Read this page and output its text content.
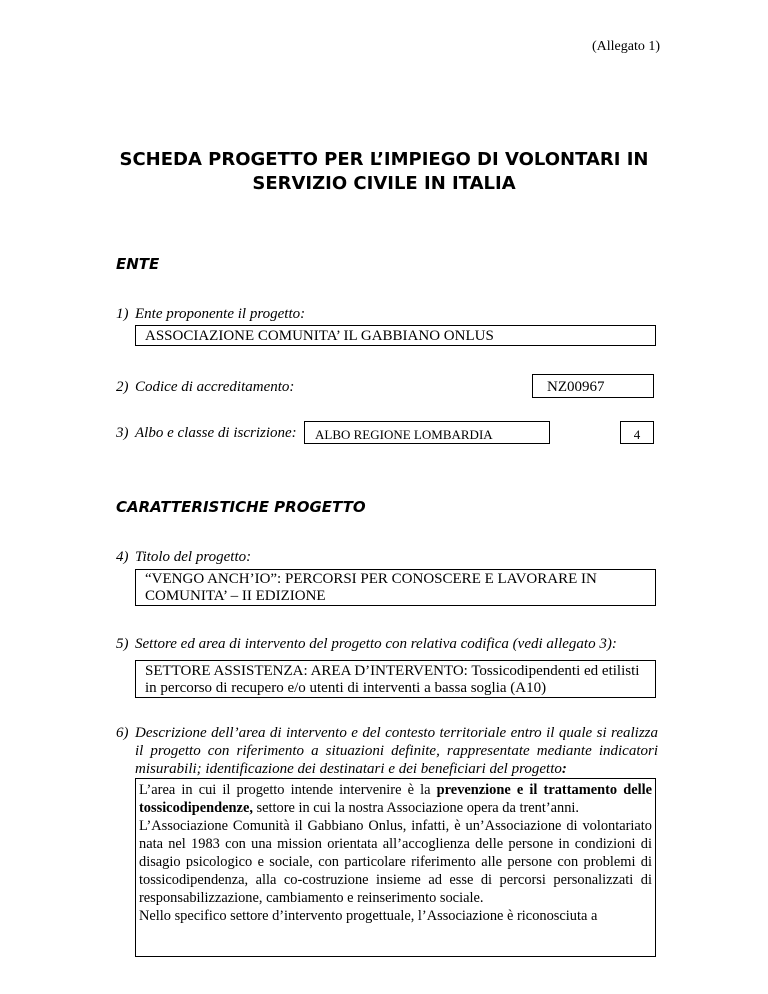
(Allegato 1)
SCHEDA PROGETTO PER L’IMPIEGO DI VOLONTARI IN
SERVIZIO CIVILE IN ITALIA
ENTE
1) Ente proponente il progetto:
ASSOCIAZIONE COMUNITA’ IL GABBIANO ONLUS
2) Codice di accreditamento:	NZ00967
3) Albo e classe di iscrizione:	ALBO REGIONE LOMBARDIA	4
CARATTERISTICHE PROGETTO
4) Titolo del progetto:
“VENGO ANCH’IO”: PERCORSI PER CONOSCERE E LAVORARE IN
COMUNITA’ – II EDIZIONE
5) Settore ed area di intervento del progetto con relativa codifica (vedi allegato 3):
SETTORE ASSISTENZA: AREA D’INTERVENTO: Tossicodipendenti ed etilisti
in percorso di recupero e/o utenti di interventi a bassa soglia (A10)
6) Descrizione dell’area di intervento e del contesto territoriale entro il quale si realizza il progetto con riferimento a situazioni definite, rappresentate mediante indicatori misurabili; identificazione dei destinatari e dei beneficiari del progetto:
L’area in cui il progetto intende intervenire è la prevenzione e il trattamento delle tossicodipendenze, settore in cui la nostra Associazione opera da trent’anni.
L’Associazione Comunità il Gabbiano Onlus, infatti, è un’Associazione di volontariato nata nel 1983 con una mission orientata all’accoglienza delle persone in condizioni di disagio psicologico e sociale, con particolare riferimento alle persone con problemi di tossicodipendenza, alla co-costruzione insieme ad esse di percorsi personalizzati di responsabilizzazione, cambiamento e reinserimento sociale.
Nello specifico settore d’intervento progettuale, l’Associazione è riconosciuta a
